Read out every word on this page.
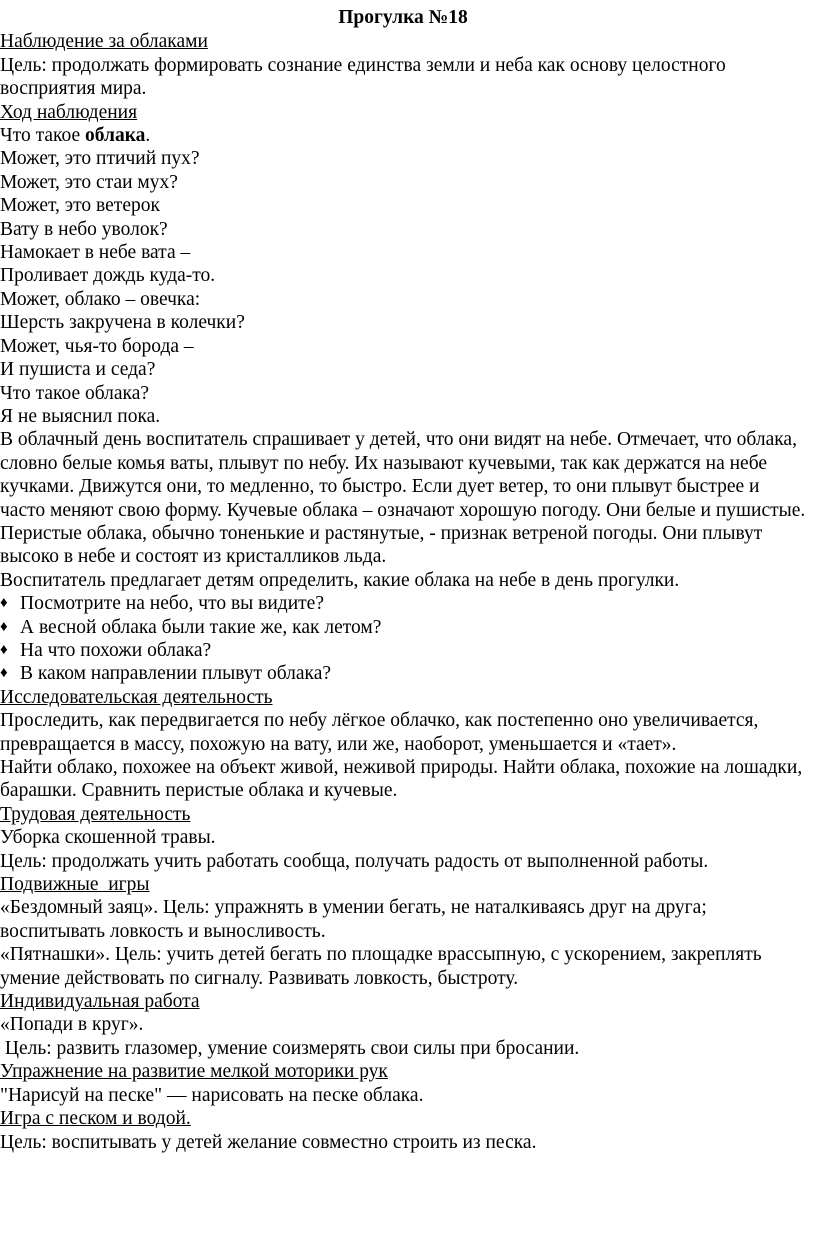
Прогулка №18
Наблюдение за облаками
Цель: продолжать формировать сознание единства земли и неба как основу целостного восприятия мира.
Ход наблюдения
Что такое облака.
Может, это птичий пух?
Может, это стаи мух?
Может, это ветерок
Вату в небо уволок?
Намокает в небе вата –
Проливает дождь куда-то.
Может, облако – овечка:
Шерсть закручена в колечки?
Может, чья-то борода –
И пушиста и седа?
Что такое облака?
Я не выяснил пока.
В облачный день воспитатель спрашивает у детей, что они видят на небе. Отмечает, что облака, словно белые комья ваты, плывут по небу. Их называют кучевыми, так как держатся на небе кучками. Движутся они, то медленно, то быстро. Если дует ветер, то они плывут быстрее и часто меняют свою форму. Кучевые облака – означают хорошую погоду. Они белые и пушистые.
Перистые облака, обычно тоненькие и растянутые, - признак ветреной погоды. Они плывут высоко в небе и состоят из кристалликов льда.
Воспитатель предлагает детям определить, какие облака на небе в день прогулки.
♦ Посмотрите на небо, что вы видите?
♦ А весной облака были такие же, как летом?
♦ На что похожи облака?
♦ В каком направлении плывут облака?
Исследовательская деятельность
Проследить, как передвигается по небу лёгкое облачко, как постепенно оно увеличивается, превращается в массу, похожую на вату, или же, наоборот, уменьшается и «тает».
Найти облако, похожее на объект живой, неживой природы. Найти облака, похожие на лошадки, барашки. Сравнить перистые облака и кучевые.
Трудовая деятельность
Уборка скошенной травы.
Цель: продолжать учить работать сообща, получать радость от выполненной работы.
Подвижные  игры
«Бездомный заяц». Цель: упражнять в умении бегать, не наталкиваясь друг на друга; воспитывать ловкость и выносливость.
«Пятнашки». Цель: учить детей бегать по площадке врассыпную, с ускорением, закреплять умение действовать по сигналу. Развивать ловкость, быстроту.
Индивидуальная работа
«Попади в круг».
Цель: развить глазомер, умение соизмерять свои силы при бросании.
Упражнение на развитие мелкой моторики рук
"Нарисуй на песке" — нарисовать на песке облака.
Игра с песком и водой.
Цель: воспитывать у детей желание совместно строить из песка.
